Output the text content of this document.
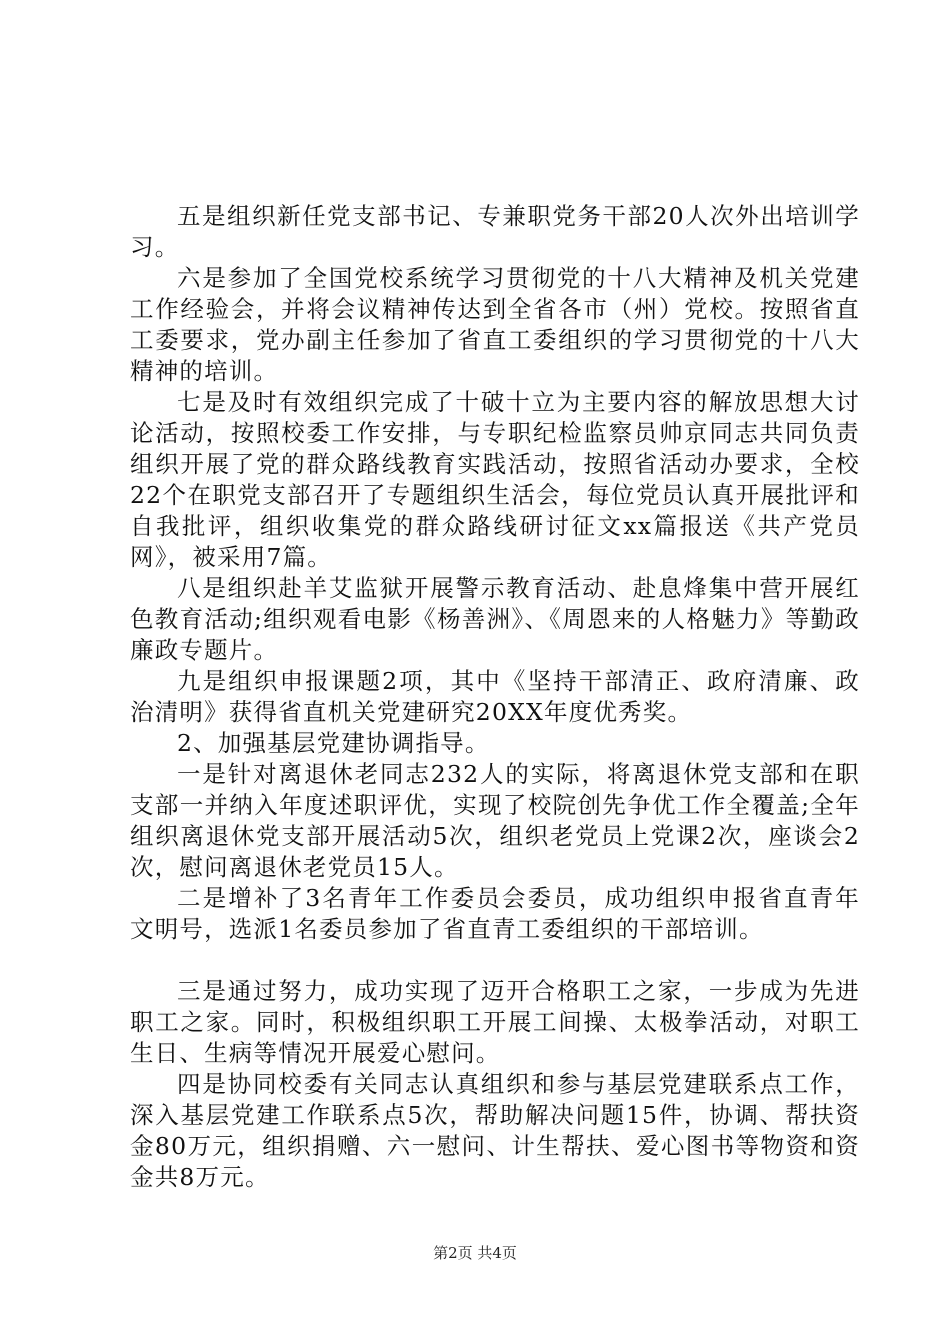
五是组织新任党支部书记、专兼职党务干部20人次外出培训学习。

六是参加了全国党校系统学习贯彻党的十八大精神及机关党建工作经验会，并将会议精神传达到全省各市（州）党校。按照省直工委要求，党办副主任参加了省直工委组织的学习贯彻党的十八大精神的培训。

七是及时有效组织完成了十破十立为主要内容的解放思想大讨论活动，按照校委工作安排，与专职纪检监察员帅京同志共同负责组织开展了党的群众路线教育实践活动，按照省活动办要求，全校22个在职党支部召开了专题组织生活会，每位党员认真开展批评和自我批评，组织收集党的群众路线研讨征文xx篇报送《共产党员网》，被采用7篇。

八是组织赴羊艾监狱开展警示教育活动、赴息烽集中营开展红色教育活动;组织观看电影《杨善洲》、《周恩来的人格魅力》等勤政廉政专题片。

九是组织申报课题2项，其中《坚持干部清正、政府清廉、政治清明》获得省直机关党建研究20XX年度优秀奖。

2、加强基层党建协调指导。

一是针对离退休老同志232人的实际，将离退休党支部和在职支部一并纳入年度述职评优，实现了校院创先争优工作全覆盖;全年组织离退休党支部开展活动5次，组织老党员上党课2次，座谈会2次，慰问离退休老党员15人。

二是增补了3名青年工作委员会委员，成功组织申报省直青年文明号，选派1名委员参加了省直青工委组织的干部培训。

三是通过努力，成功实现了迈开合格职工之家，一步成为先进职工之家。同时，积极组织职工开展工间操、太极拳活动，对职工生日、生病等情况开展爱心慰问。

四是协同校委有关同志认真组织和参与基层党建联系点工作，深入基层党建工作联系点5次，帮助解决问题15件，协调、帮扶资金80万元，组织捐赠、六一慰问、计生帮扶、爱心图书等物资和资金共8万元。

第2页 共4页
